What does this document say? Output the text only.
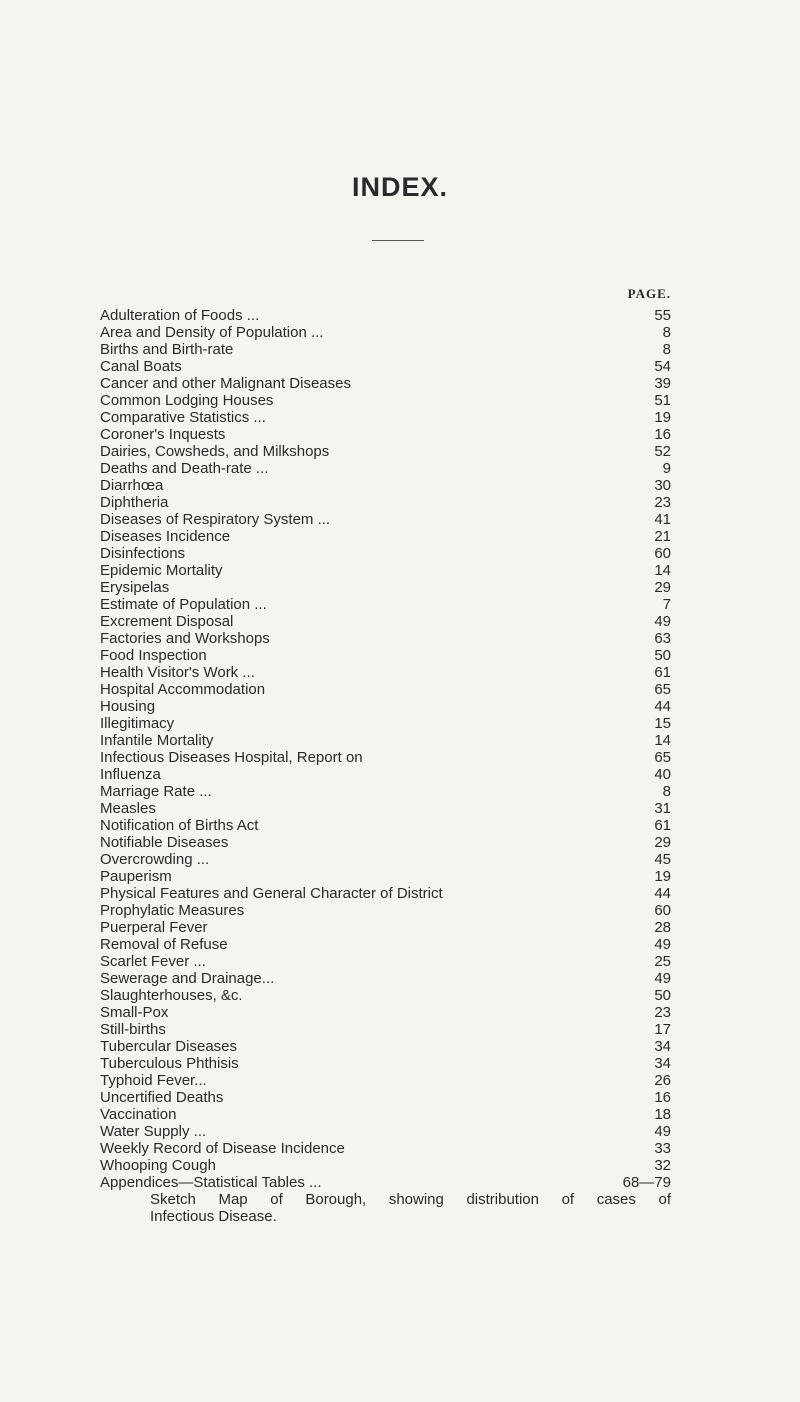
INDEX.
PAGE.
Adulteration of Foods ...	55
Area and Density of Population ...	8
Births and Birth-rate	8
Canal Boats	54
Cancer and other Malignant Diseases	39
Common Lodging Houses	51
Comparative Statistics ...	19
Coroner's Inquests	16
Dairies, Cowsheds, and Milkshops	52
Deaths and Death-rate ...	9
Diarrhœa	30
Diphtheria	23
Diseases of Respiratory System ...	41
Diseases Incidence	21
Disinfections	60
Epidemic Mortality	14
Erysipelas	29
Estimate of Population ...	7
Excrement Disposal	49
Factories and Workshops	63
Food Inspection	50
Health Visitor's Work ...	61
Hospital Accommodation	65
Housing	44
Illegitimacy	15
Infantile Mortality	14
Infectious Diseases Hospital, Report on	65
Influenza	40
Marriage Rate ...	8
Measles	31
Notification of Births Act	61
Notifiable Diseases	29
Overcrowding ...	45
Pauperism	19
Physical Features and General Character of District	44
Prophylatic Measures	60
Puerperal Fever	28
Removal of Refuse	49
Scarlet Fever ...	25
Sewerage and Drainage...	49
Slaughterhouses, &c.	50
Small-Pox	23
Still-births	17
Tubercular Diseases	34
Tuberculous Phthisis	34
Typhoid Fever...	26
Uncertified Deaths	16
Vaccination	18
Water Supply ...	49
Weekly Record of Disease Incidence	33
Whooping Cough	32
Appendices—Statistical Tables ...	68—79
Sketch Map of Borough, showing distribution of cases of
Infectious Disease.
